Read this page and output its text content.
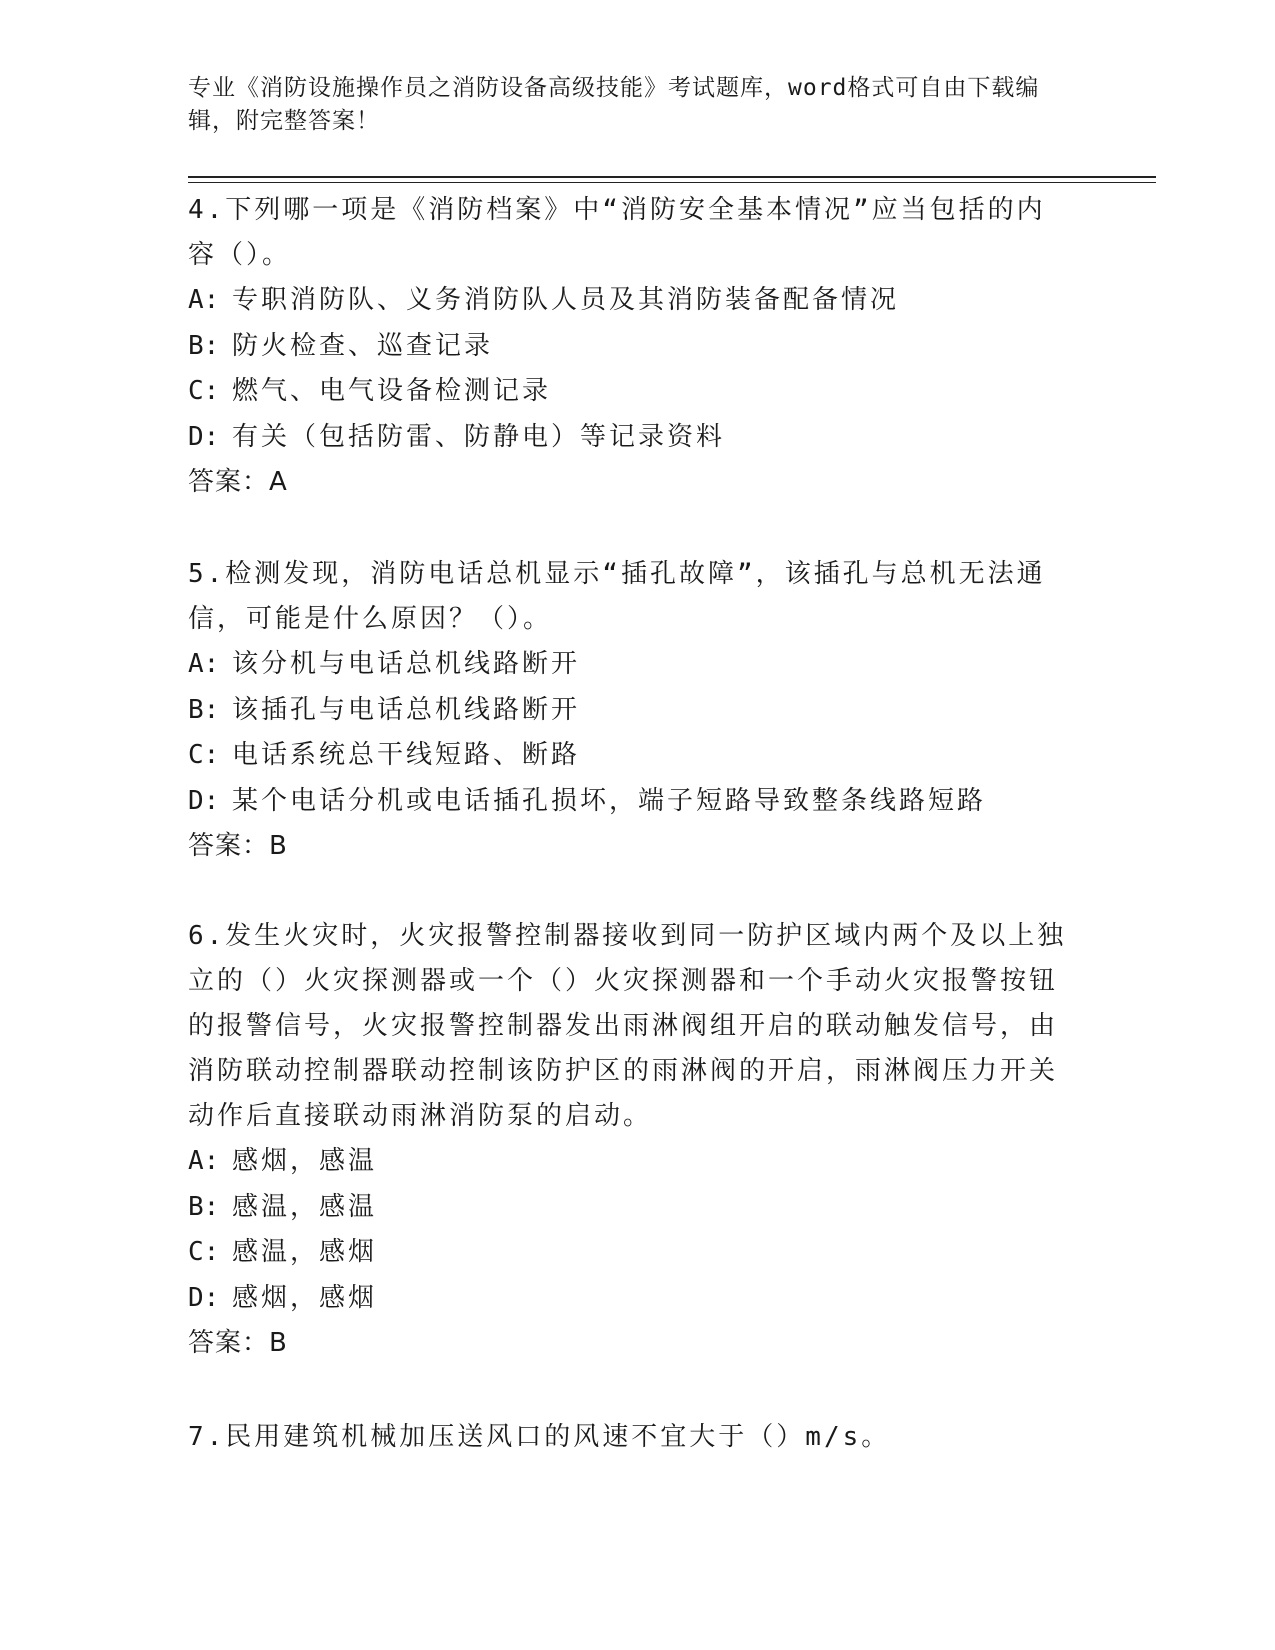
专业《消防设施操作员之消防设备高级技能》考试题库，word格式可自由下载编辑，附完整答案！

4.下列哪一项是《消防档案》中“消防安全基本情况”应当包括的内容（）。

A: 专职消防队、义务消防队人员及其消防装备配备情况

B: 防火检查、巡查记录

C: 燃气、电气设备检测记录

D: 有关（包括防雷、防静电）等记录资料

答案：A

5.检测发现，消防电话总机显示“插孔故障”，该插孔与总机无法通信，可能是什么原因？（）。

A: 该分机与电话总机线路断开

B: 该插孔与电话总机线路断开

C: 电话系统总干线短路、断路

D: 某个电话分机或电话插孔损坏，端子短路导致整条线路短路

答案：B

6.发生火灾时，火灾报警控制器接收到同一防护区域内两个及以上独立的（）火灾探测器或一个（）火灾探测器和一个手动火灾报警按钮的报警信号，火灾报警控制器发出雨淋阀组开启的联动触发信号，由消防联动控制器联动控制该防护区的雨淋阀的开启，雨淋阀压力开关动作后直接联动雨淋消防泵的启动。

A: 感烟，感温

B: 感温，感温

C: 感温，感烟

D: 感烟，感烟

答案：B

7.民用建筑机械加压送风口的风速不宜大于（）m/s。
